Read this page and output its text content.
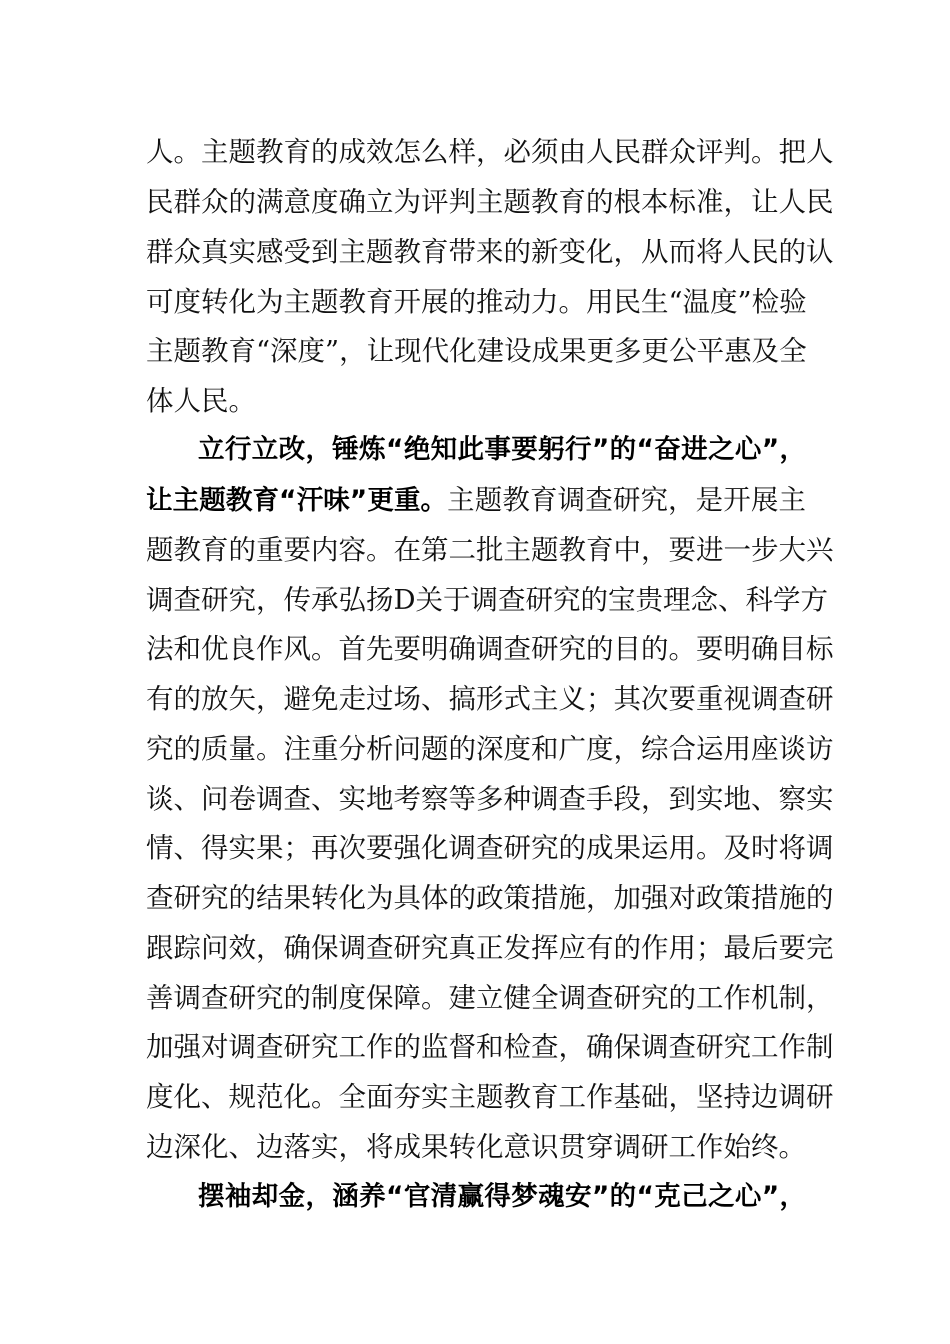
人。主题教育的成效怎么样，必须由人民群众评判。把人
民群众的满意度确立为评判主题教育的根本标准，让人民
群众真实感受到主题教育带来的新变化，从而将人民的认
可度转化为主题教育开展的推动力。用民生“温度”检验
主题教育“深度”，让现代化建设成果更多更公平惠及全
体人民。
立行立改，锤炼“绝知此事要躬行”的“奋进之心”，
让主题教育“汗味”更重。主题教育调查研究，是开展主
题教育的重要内容。在第二批主题教育中，要进一步大兴
调查研究，传承弘扬D关于调查研究的宝贵理念、科学方
法和优良作风。首先要明确调查研究的目的。要明确目标
有的放矢，避免走过场、搞形式主义；其次要重视调查研
究的质量。注重分析问题的深度和广度，综合运用座谈访
谈、问卷调查、实地考察等多种调查手段，到实地、察实
情、得实果；再次要强化调查研究的成果运用。及时将调
查研究的结果转化为具体的政策措施，加强对政策措施的
跟踪问效，确保调查研究真正发挥应有的作用；最后要完
善调查研究的制度保障。建立健全调查研究的工作机制，
加强对调查研究工作的监督和检查，确保调查研究工作制
度化、规范化。全面夯实主题教育工作基础，坚持边调研
边深化、边落实，将成果转化意识贯穿调研工作始终。
摆袖却金，涵养“官清赢得梦魂安”的“克己之心”，
